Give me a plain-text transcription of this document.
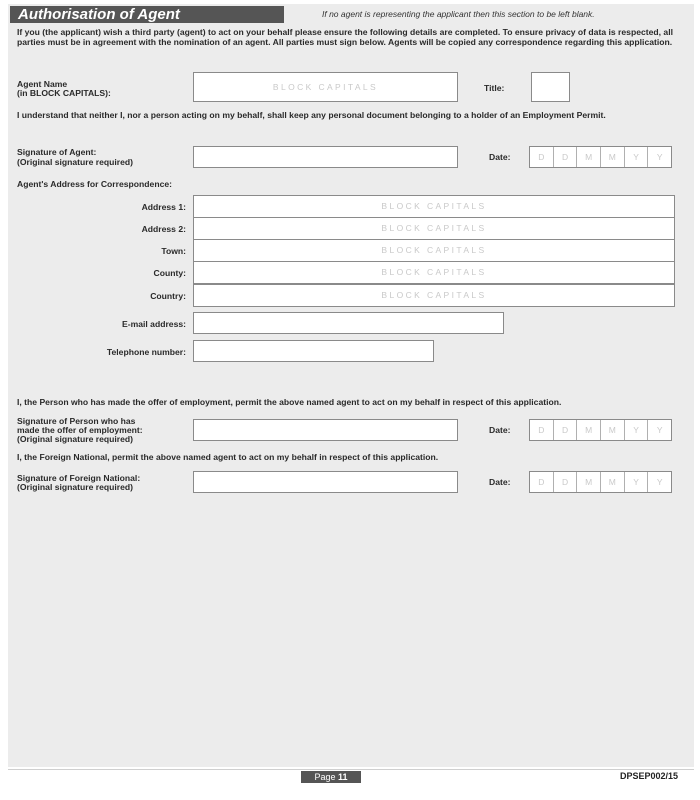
Authorisation of Agent	If no agent is representing the applicant then this section to be left blank.
If you (the applicant) wish a third party (agent) to act on your behalf please ensure the following details are completed. To ensure privacy of data is respected, all parties must be in agreement with the nomination of an agent. All parties must sign below. Agents will be copied any correspondence regarding this application.
Agent Name
(in BLOCK CAPITALS):
BLOCK CAPITALS	Title:
I understand that neither I, nor a person acting on my behalf, shall keep any personal document belonging to a holder of an Employment Permit.
Signature of Agent:
(Original signature required)	Date:	D	D	M	M	Y	Y
Agent's Address for Correspondence:
Address 1:	BLOCK CAPITALS
Address 2:	BLOCK CAPITALS
Town:	BLOCK CAPITALS
County:	BLOCK CAPITALS
Country:	BLOCK CAPITALS
E-mail address:
Telephone number:
I, the Person who has made the offer of employment, permit the above named agent to act on my behalf in respect of this application.
Signature of Person who has
made the offer of employment:
(Original signature required)
Date:	D	D	M	M	Y	Y
I, the Foreign National, permit the above named agent to act on my behalf in respect of this application.
Signature of Foreign National:
(Original signature required)	Date:	D	D	M	M	Y	Y
Page 11	DPSEP002/15
